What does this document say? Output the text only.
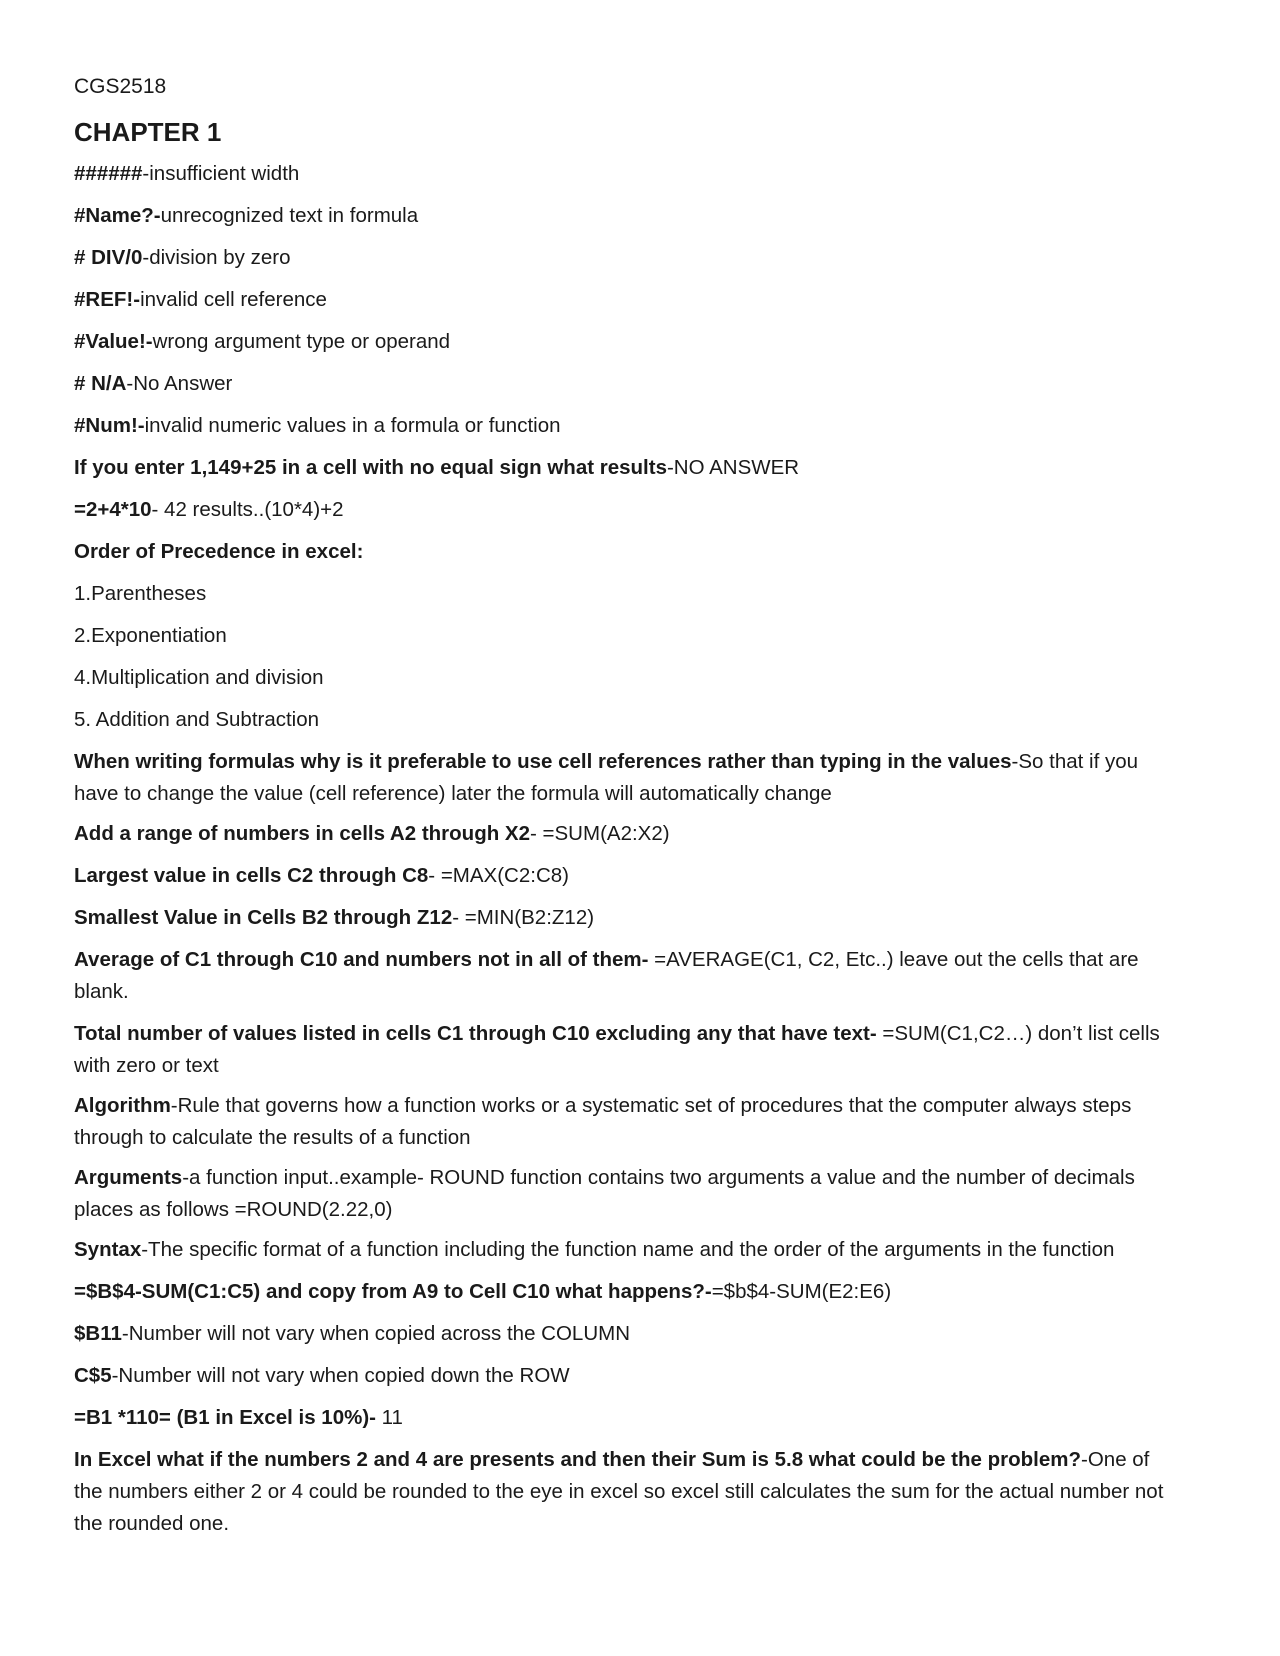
CGS2518
CHAPTER 1
######-insufficient width
#Name?-unrecognized text in formula
# DIV/0-division by zero
#REF!-invalid cell reference
#Value!-wrong argument type or operand
# N/A-No Answer
#Num!-invalid numeric values in a formula or function
If you enter 1,149+25 in a cell with no equal sign what results-NO ANSWER
=2+4*10- 42 results..(10*4)+2
Order of Precedence in excel:
1.Parentheses
2.Exponentiation
4.Multiplication and division
5. Addition and Subtraction
When writing formulas why is it preferable to use cell references rather than typing in the values-So that if you have to change the value (cell reference) later the formula will automatically change
Add a range of numbers in cells A2 through X2- =SUM(A2:X2)
Largest value in cells C2 through C8- =MAX(C2:C8)
Smallest Value in Cells B2 through Z12- =MIN(B2:Z12)
Average of C1 through C10 and numbers not in all of them- =AVERAGE(C1, C2, Etc..) leave out the cells that are blank.
Total number of values listed in cells C1 through C10 excluding any that have text- =SUM(C1,C2…) don’t list cells with zero or text
Algorithm-Rule that governs how a function works or a systematic set of procedures that the computer always steps through to calculate the results of a function
Arguments-a function input..example- ROUND function contains two arguments a value and the number of decimals places as follows =ROUND(2.22,0)
Syntax-The specific format of a function including the function name and the order of the arguments in the function
=$B$4-SUM(C1:C5) and copy from A9 to Cell C10 what happens?-=$b$4-SUM(E2:E6)
$B11-Number will not vary when copied across the COLUMN
C$5-Number will not vary when copied down the ROW
=B1 *110= (B1 in Excel is 10%)- 11
In Excel what if the numbers 2 and 4 are presents and then their Sum is 5.8 what could be the problem?-One of the numbers either 2 or 4 could be rounded to the eye in excel so excel still calculates the sum for the actual number not the rounded one.
